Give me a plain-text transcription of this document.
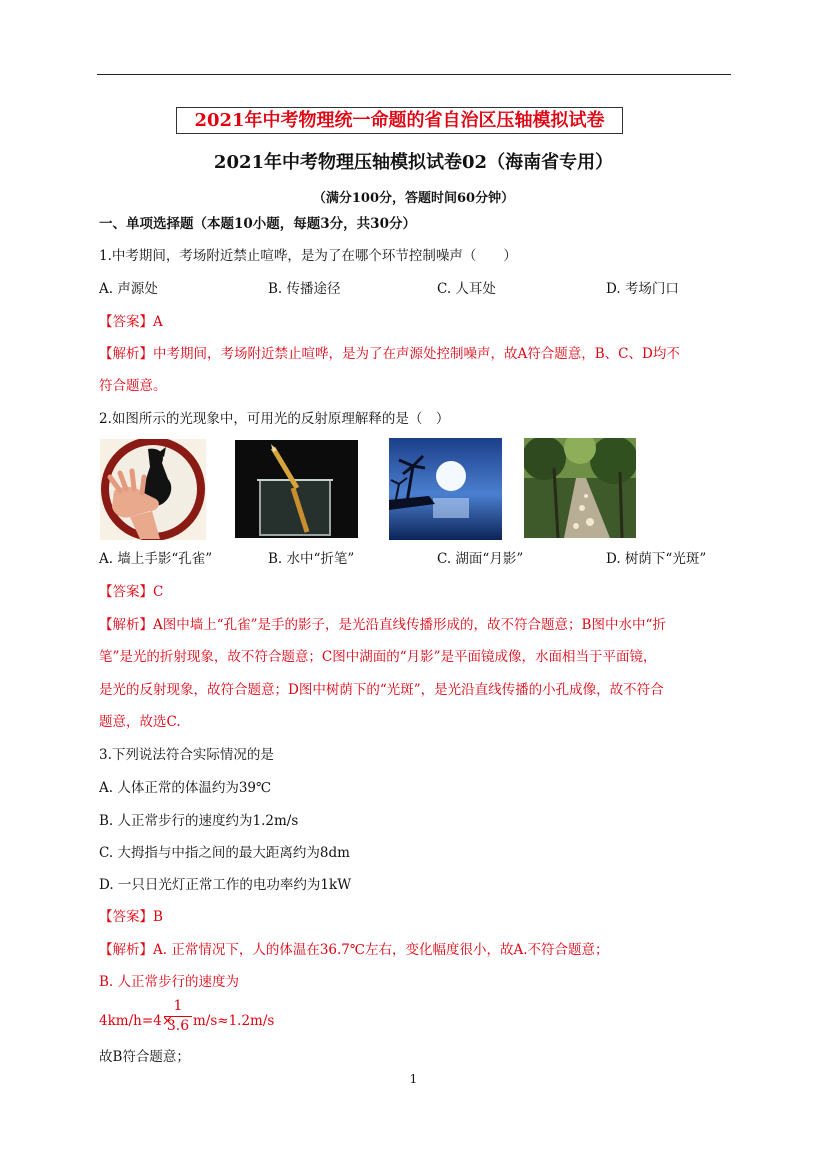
2021年中考物理统一命题的省自治区压轴模拟试卷
2021年中考物理压轴模拟试卷02（海南省专用）
（满分100分，答题时间60分钟）
一、单项选择题（本题10小题，每题3分，共30分）
1.中考期间，考场附近禁止喧哗，是为了在哪个环节控制噪声（　　）
A. 声源处	B. 传播途径	C. 人耳处	D. 考场门口
【答案】A
【解析】中考期间，考场附近禁止喧哗，是为了在声源处控制噪声，故A符合题意，B、C、D均不
符合题意。
2.如图所示的光现象中，可用光的反射原理解释的是（　）
A. 墙上手影“孔雀”	B. 水中“折笔”	C. 湖面“月影”	D. 树荫下“光斑”
【答案】C
【解析】A图中墙上“孔雀”是手的影子，是光沿直线传播形成的，故不符合题意；B图中水中“折
笔”是光的折射现象，故不符合题意；C图中湖面的“月影”是平面镜成像，水面相当于平面镜，
是光的反射现象，故符合题意；D图中树荫下的“光斑”，是光沿直线传播的小孔成像，故不符合
题意，故选C.
3.下列说法符合实际情况的是
A. 人体正常的体温约为39℃
B. 人正常步行的速度约为1.2m/s
C. 大拇指与中指之间的最大距离约为8dm
D. 一只日光灯正常工作的电功率约为1kW
【答案】B
【解析】A. 正常情况下，人的体温在36.7℃左右，变化幅度很小，故A.不符合题意；
B. 人正常步行的速度为
4km/h=4×
1
3.6 m/s≈1.2m/s
故B符合题意；
1
